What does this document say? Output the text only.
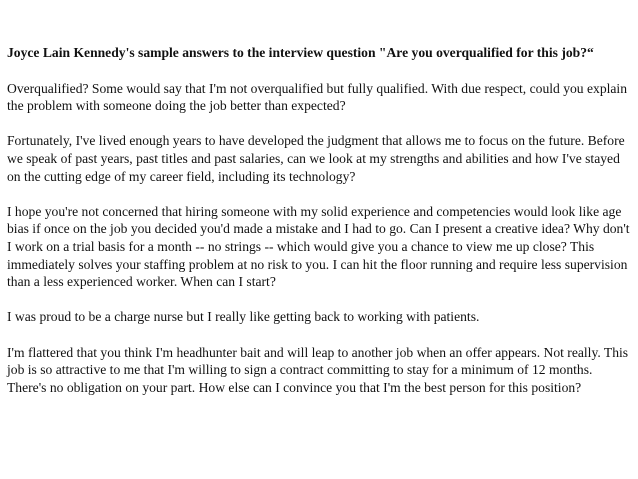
Joyce Lain Kennedy's sample answers to the interview question "Are you overqualified for this job?“

Overqualified? Some would say that I'm not overqualified but fully qualified. With due respect, could you explain the problem with someone doing the job better than expected?

Fortunately, I've lived enough years to have developed the judgment that allows me to focus on the future. Before we speak of past years, past titles and past salaries, can we look at my strengths and abilities and how I've stayed on the cutting edge of my career field, including its technology?

I hope you're not concerned that hiring someone with my solid experience and competencies would look like age bias if once on the job you decided you'd made a mistake and I had to go. Can I present a creative idea? Why don't I work on a trial basis for a month -- no strings -- which would give you a chance to view me up close? This immediately solves your staffing problem at no risk to you. I can hit the floor running and require less supervision than a less experienced worker. When can I start?

I was proud to be a charge nurse but I really like getting back to working with patients.

I'm flattered that you think I'm headhunter bait and will leap to another job when an offer appears. Not really. This job is so attractive to me that I'm willing to sign a contract committing to stay for a minimum of 12 months. There's no obligation on your part. How else can I convince you that I'm the best person for this position?
